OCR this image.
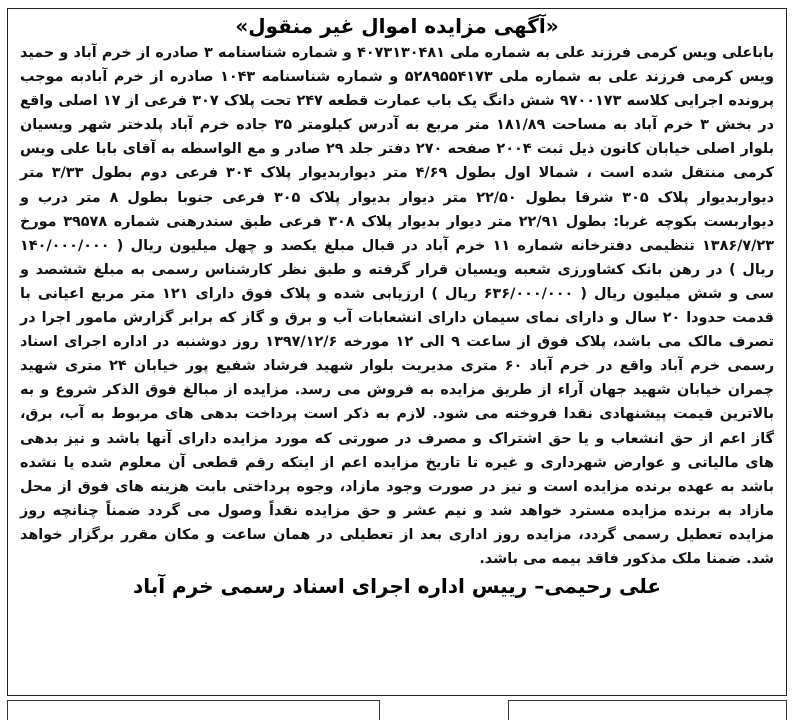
«آگهی مزایده اموال غیر منقول»

باباعلی ویس کرمی فرزند علی به شماره ملی ۴۰۷۳۱۳۰۴۸۱ و شماره شناسنامه ۳ صادره از خرم آباد و حمید ویس کرمی فرزند علی به شماره ملی ۵۲۸۹۵۵۴۱۷۳ و شماره شناسنامه ۱۰۴۳ صادره از خرم آبادبه موجب پرونده اجرایی کلاسه ۹۷۰۰۱۷۳ شش دانگ یک باب عمارت قطعه ۲۴۷ تحت پلاک ۳۰۷ فرعی از ۱۷ اصلی واقع در بخش ۳ خرم آباد به مساحت ۱۸۱/۸۹ متر مربع به آدرس کیلومتر ۳۵ جاده خرم آباد پلدختر شهر ویسیان بلوار اصلی خیابان کانون ذیل ثبت ۲۰۰۴ صفحه ۲۷۰ دفتر جلد ۲۹ صادر و مع الواسطه به آقای بابا علی ویس کرمی منتقل شده است ، شمالا اول بطول ۴/۶۹ متر دیواربدیوار پلاک ۳۰۴ فرعی دوم بطول ۳/۳۳ متر دیواربدیوار پلاک ۳۰۵ شرقا بطول ۲۲/۵۰ متر دیوار بدیوار پلاک ۳۰۵ فرعی جنوبا بطول ۸ متر درب و دیواربست بکوچه غربا: بطول ۲۲/۹۱ متر دیوار بدیوار پلاک ۳۰۸ فرعی طبق سندرهنی شماره ۳۹۵۷۸ مورخ ۱۳۸۶/۷/۲۳ تنظیمی دفترخانه شماره ۱۱ خرم آباد در قبال مبلغ یکصد و چهل میلیون ریال ( ۱۴۰/۰۰۰/۰۰۰ ریال ) در رهن بانک کشاورزی شعبه ویسیان قرار گرفته و طبق نظر کارشناس رسمی به مبلغ ششصد و سی و شش میلیون ریال ( ۶۳۶/۰۰۰/۰۰۰ ریال ) ارزیابی شده و پلاک فوق دارای ۱۲۱ متر مربع اعیانی با قدمت حدودا ۲۰ سال و دارای نمای سیمان دارای انشعابات آب و برق و گاز که برابر گزارش مامور اجرا در تصرف مالک می باشد، پلاک فوق از ساعت ۹ الی ۱۲ مورخه ۱۳۹۷/۱۲/۶ روز دوشنبه در اداره اجرای اسناد رسمی خرم آباد واقع در خرم آباد ۶۰ متری مدیریت بلوار شهید فرشاد شفیع پور خیابان ۲۴ متری شهید چمران خیابان شهید جهان آراء از طریق مزایده به فروش می رسد. مزایده از مبالغ فوق الذکر شروع و به بالاترین قیمت پیشنهادی نقدا فروخته می شود. لازم به ذکر است پرداخت بدهی های مربوط به آب، برق، گاز اعم از حق انشعاب و یا حق اشتراک و مصرف در صورتی که مورد مزایده دارای آنها باشد و نیز بدهی های مالیاتی و عوارض شهرداری و غیره تا تاریخ مزایده اعم از اینکه رقم قطعی آن معلوم شده یا نشده باشد به عهده برنده مزایده است و نیز در صورت وجود مازاد، وجوه پرداختی بابت هزینه های فوق از محل مازاد به برنده مزایده مسترد خواهد شد و نیم عشر و حق مزایده نقداً وصول می گردد ضمناً چنانچه روز مزایده تعطیل رسمی گردد، مزایده روز اداری بعد از تعطیلی در همان ساعت و مکان مقرر برگزار خواهد شد. ضمنا ملک مذکور فاقد بیمه می باشد.

علی رحیمی– رییس اداره اجرای اسناد رسمی خرم آباد
